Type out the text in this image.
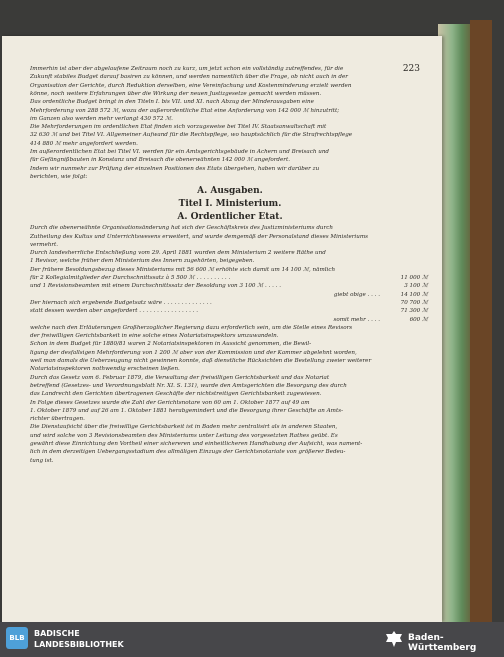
223
Immerhin ist aber der abgelaufene Zeitraum noch zu kurz, um jetzt schon ein vollständig zutreffendes, für die
Zukunft stabiles Budget darauf basiren zu können, und werden namentlich über die Frage, ob nicht auch in der
Organisation der Gerichte, durch Reduktion derselben, eine Vereinfachung und Kostenminderung erzielt werden
könne, noch weitere Erfahrungen über die Wirkung der neuen Justizgesetze gemacht werden müssen.
Das ordentliche Budget bringt in den Titeln I. bis VII. und XI. nach Abzug der Minderausgaben eine
Mehrforderung von 288 572 ℳ, wozu der außerordentliche Etat eine Anforderung von 142 000 ℳ hinzutritt;
im Ganzen also werden mehr verlangt 430 572 ℳ.
Die Mehrforderungen im ordentlichen Etat finden sich vorzugsweise bei Titel IV. Staatsanwaltschaft mit
32 630 ℳ und bei Titel VI. Allgemeiner Aufwand für die Rechtspflege, wo hauptsächlich für die Strafrechtspflege
414 880 ℳ mehr angefordert werden.
Im außerordentlichen Etat bei Titel VI. werden für ein Amtsgerichtsgebäude in Achern und Breisach und
für Gefängnißbauten in Konstanz und Breisach die obenerwähnten 142 000 ℳ angefordert.
Indem wir nunmehr zur Prüfung der einzelnen Positionen des Etats übergehen, haben wir darüber zu
berichten, wie folgt:
A. Ausgaben.
Titel I. Ministerium.
A. Ordentlicher Etat.
Durch die obenerwähnte Organisationsänderung hat sich der Geschäftskreis des Justizministeriums durch
Zutheilung des Kultus und Unterrichtswesens erweitert, und wurde demgemäß der Personalstand dieses Ministeriums
vermehrt.
Durch landesherrliche Entschließung vom 29. April 1881 wurden dem Ministerium 2 weitere Räthe und
1 Revisor, welche früher dem Ministerium des Innern zugehörten, beigegeben.
Der frühere Besoldungsbezug dieses Ministeriums mit 56 600 ℳ erhöhte sich damit um 14 100 ℳ, nämlich
für 2 Kollegialmitglieder der Durchschnittssatz à 5 500 ℳ . . . . . . . . . .	11 000 ℳ
und 1 Revisionsbeamten mit einem Durchschnittssatz der Besoldung von 3 100 ℳ . . . . .	3 100 ℳ
giebt obige . . . .	14 100 ℳ
Der hiernach sich ergebende Budgetsatz wäre . . . . . . . . . . . . . .	70 700 ℳ
statt dessen werden aber angefordert . . . . . . . . . . . . . . . . .	71 300 ℳ
somit mehr . . . .	600 ℳ
welche nach den Erläuterungen Großherzoglicher Regierung dazu erforderlich sein, um die Stelle eines Revisors
der freiwilligen Gerichtsbarkeit in eine solche eines Notariatsinspektors umzuwandeln.
Schon in dem Budget für 1880/81 waren 2 Notariatsinspektoren in Aussicht genommen, die Bewil-
ligung der desfallsigen Mehrforderung von 1 200 ℳ aber von der Kommission und der Kammer abgelehnt worden,
weil man damals die Ueberzeugung nicht gewinnen konnte, daß dienstliche Rücksichten die Bestellung zweier weiterer
Notariatsinspektoren nothwendig erscheinen ließen.
Durch das Gesetz vom 6. Februar 1879, die Verwaltung der freiwilligen Gerichtsbarkeit und das Notariat
betreffend (Gesetzes- und Verordnungsblatt Nr. XI. S. 131), wurde den Amtsgerichten die Besorgung des durch
das Landrecht den Gerichten übertragenen Geschäfte der nichtstreitigen Gerichtsbarkeit zugewiesen.
In Folge dieses Gesetzes wurde die Zahl der Gerichtsnotare von 60 am 1. Oktober 1877 auf 49 am
1. Oktober 1879 und auf 26 am 1. Oktober 1881 herabgemindert und die Besorgung ihrer Geschäfte an Amts-
richter übertragen.
Die Dienstaufsicht über die freiwillige Gerichtsbarkeit ist in Baden mehr zentralisirt als in anderen Staaten,
und wird solche von 3 Revisionsbeamten des Ministeriums unter Leitung des vorgesetzten Rathes geübt. Es
gewährt diese Einrichtung den Vortheil einer sichereren und einheitlicheren Handhabung der Aufsicht, was nament-
lich in dem derzeitigen Uebergangsstadium des allmäligen Einzugs der Gerichtsnotariate von größerer Bedeu-
tung ist.
BLB	BADISCHE
LANDESBIBLIOTHEK
Baden-Württemberg
